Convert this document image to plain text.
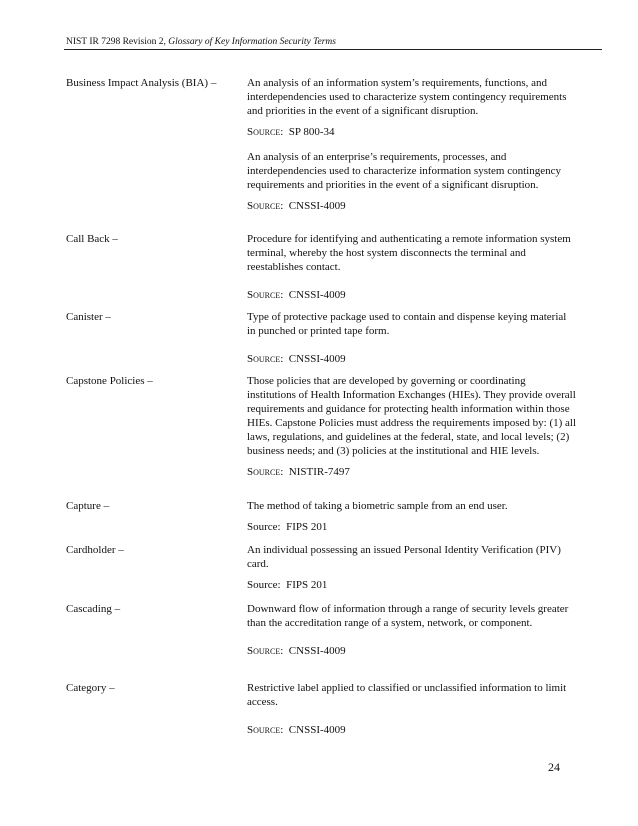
NIST IR 7298 Revision 2, Glossary of Key Information Security Terms
Business Impact Analysis (BIA) –	An analysis of an information system’s requirements, functions, and interdependencies used to characterize system contingency requirements and priorities in the event of a significant disruption.

Source: SP 800-34

An analysis of an enterprise’s requirements, processes, and interdependencies used to characterize information system contingency requirements and priorities in the event of a significant disruption.

Source: CNSSI-4009

Call Back –	Procedure for identifying and authenticating a remote information system terminal, whereby the host system disconnects the terminal and reestablishes contact.

Source: CNSSI-4009

Canister –	Type of protective package used to contain and dispense keying material in punched or printed tape form.

Source: CNSSI-4009

Capstone Policies –	Those policies that are developed by governing or coordinating institutions of Health Information Exchanges (HIEs). They provide overall requirements and guidance for protecting health information within those HIEs. Capstone Policies must address the requirements imposed by: (1) all laws, regulations, and guidelines at the federal, state, and local levels; (2) business needs; and (3) policies at the institutional and HIE levels.

Source: NISTIR-7497

Capture –	The method of taking a biometric sample from an end user.

Source: FIPS 201

Cardholder –	An individual possessing an issued Personal Identity Verification (PIV) card.

Source: FIPS 201

Cascading –	Downward flow of information through a range of security levels greater than the accreditation range of a system, network, or component.

Source: CNSSI-4009

Category –	Restrictive label applied to classified or unclassified information to limit access.

Source: CNSSI-4009

24
